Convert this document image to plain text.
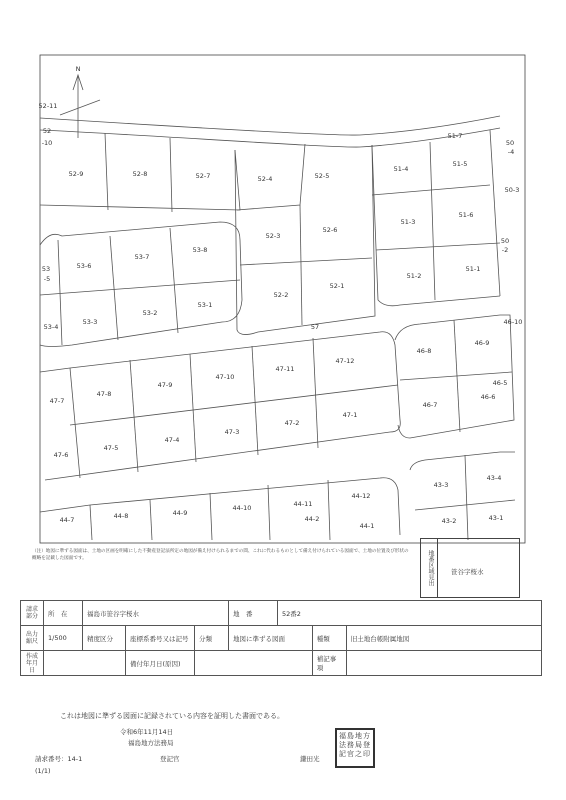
N
52-11
52
-10
52-9	52-8	52-7	52-4	52-5
51-4
51-5
51-7
50
-4
50-3
52-3
52-6
51-3
51-6
50
-2
53-6
53-7
53-8
53
-5	51-2
51-1
52-2
52-1
53-3
53-2
53-1
53-4	57
46-10
46-8
46-9
47-11
47-12
47-10
47-9
47-8
47-7
46-5
46-6
46-7
47-1
47-2
47-3
47-4
47-5
47-6
43-4
43-3
44-12
44-11
44-10
44-9
44-8
44-7	44-2
44-1
43-2	43-1
（注）地図に準ずる図面は、土地の区画を明確にした不動産登記法所定の地図が備え付けられるまでの間、これに代わるものとして備え付けられている図面で、土地の位置及び形状の概略を記載した図面です。	地番区域見出	笹谷字桜水
請求部分	所　在	福島市笹谷字桜水			地　番	52番2		
出力縮尺	1/500	精度区分	座標系番号又は記号	分類	地図に準ずる図面		種類	旧土地台帳附属地図
作成年月日			備付年月日(原因)				補記事項	
これは地図に準ずる図面に記録されている内容を証明した書面である。
令和6年11月14日
福島地方法務局
請求番号：14-1
(1/1)
登記官	鎌田光
福島地方法務局登記官之印
